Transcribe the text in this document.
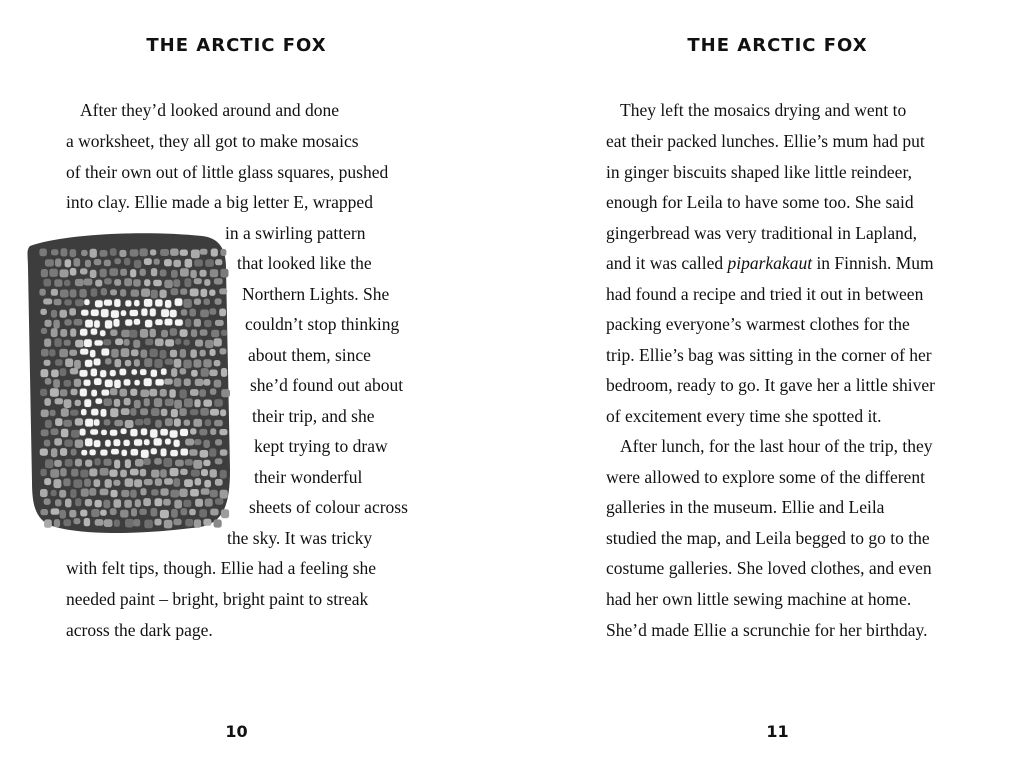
THE ARCTIC FOX
After they’d looked around and done
a worksheet, they all got to make mosaics
of their own out of little glass squares, pushed
into clay. Ellie made a big letter E, wrapped
in a swirling pattern
that looked like the
Northern Lights. She
couldn’t stop thinking
about them, since
she’d found out about
their trip, and she
kept trying to draw
their wonderful
sheets of colour across
the sky. It was tricky
with felt tips, though. Ellie had a feeling she
needed paint – bright, bright paint to streak
across the dark page.
10
THE ARCTIC FOX
They left the mosaics drying and went to
eat their packed lunches. Ellie’s mum had put
in ginger biscuits shaped like little reindeer,
enough for Leila to have some too. She said
gingerbread was very traditional in Lapland,
and it was called piparkakaut in Finnish. Mum
had found a recipe and tried it out in between
packing everyone’s warmest clothes for the
trip. Ellie’s bag was sitting in the corner of her
bedroom, ready to go. It gave her a little shiver
of excitement every time she spotted it.
After lunch, for the last hour of the trip, they
were allowed to explore some of the different
galleries in the museum. Ellie and Leila
studied the map, and Leila begged to go to the
costume galleries. She loved clothes, and even
had her own little sewing machine at home.
She’d made Ellie a scrunchie for her birthday.
11
